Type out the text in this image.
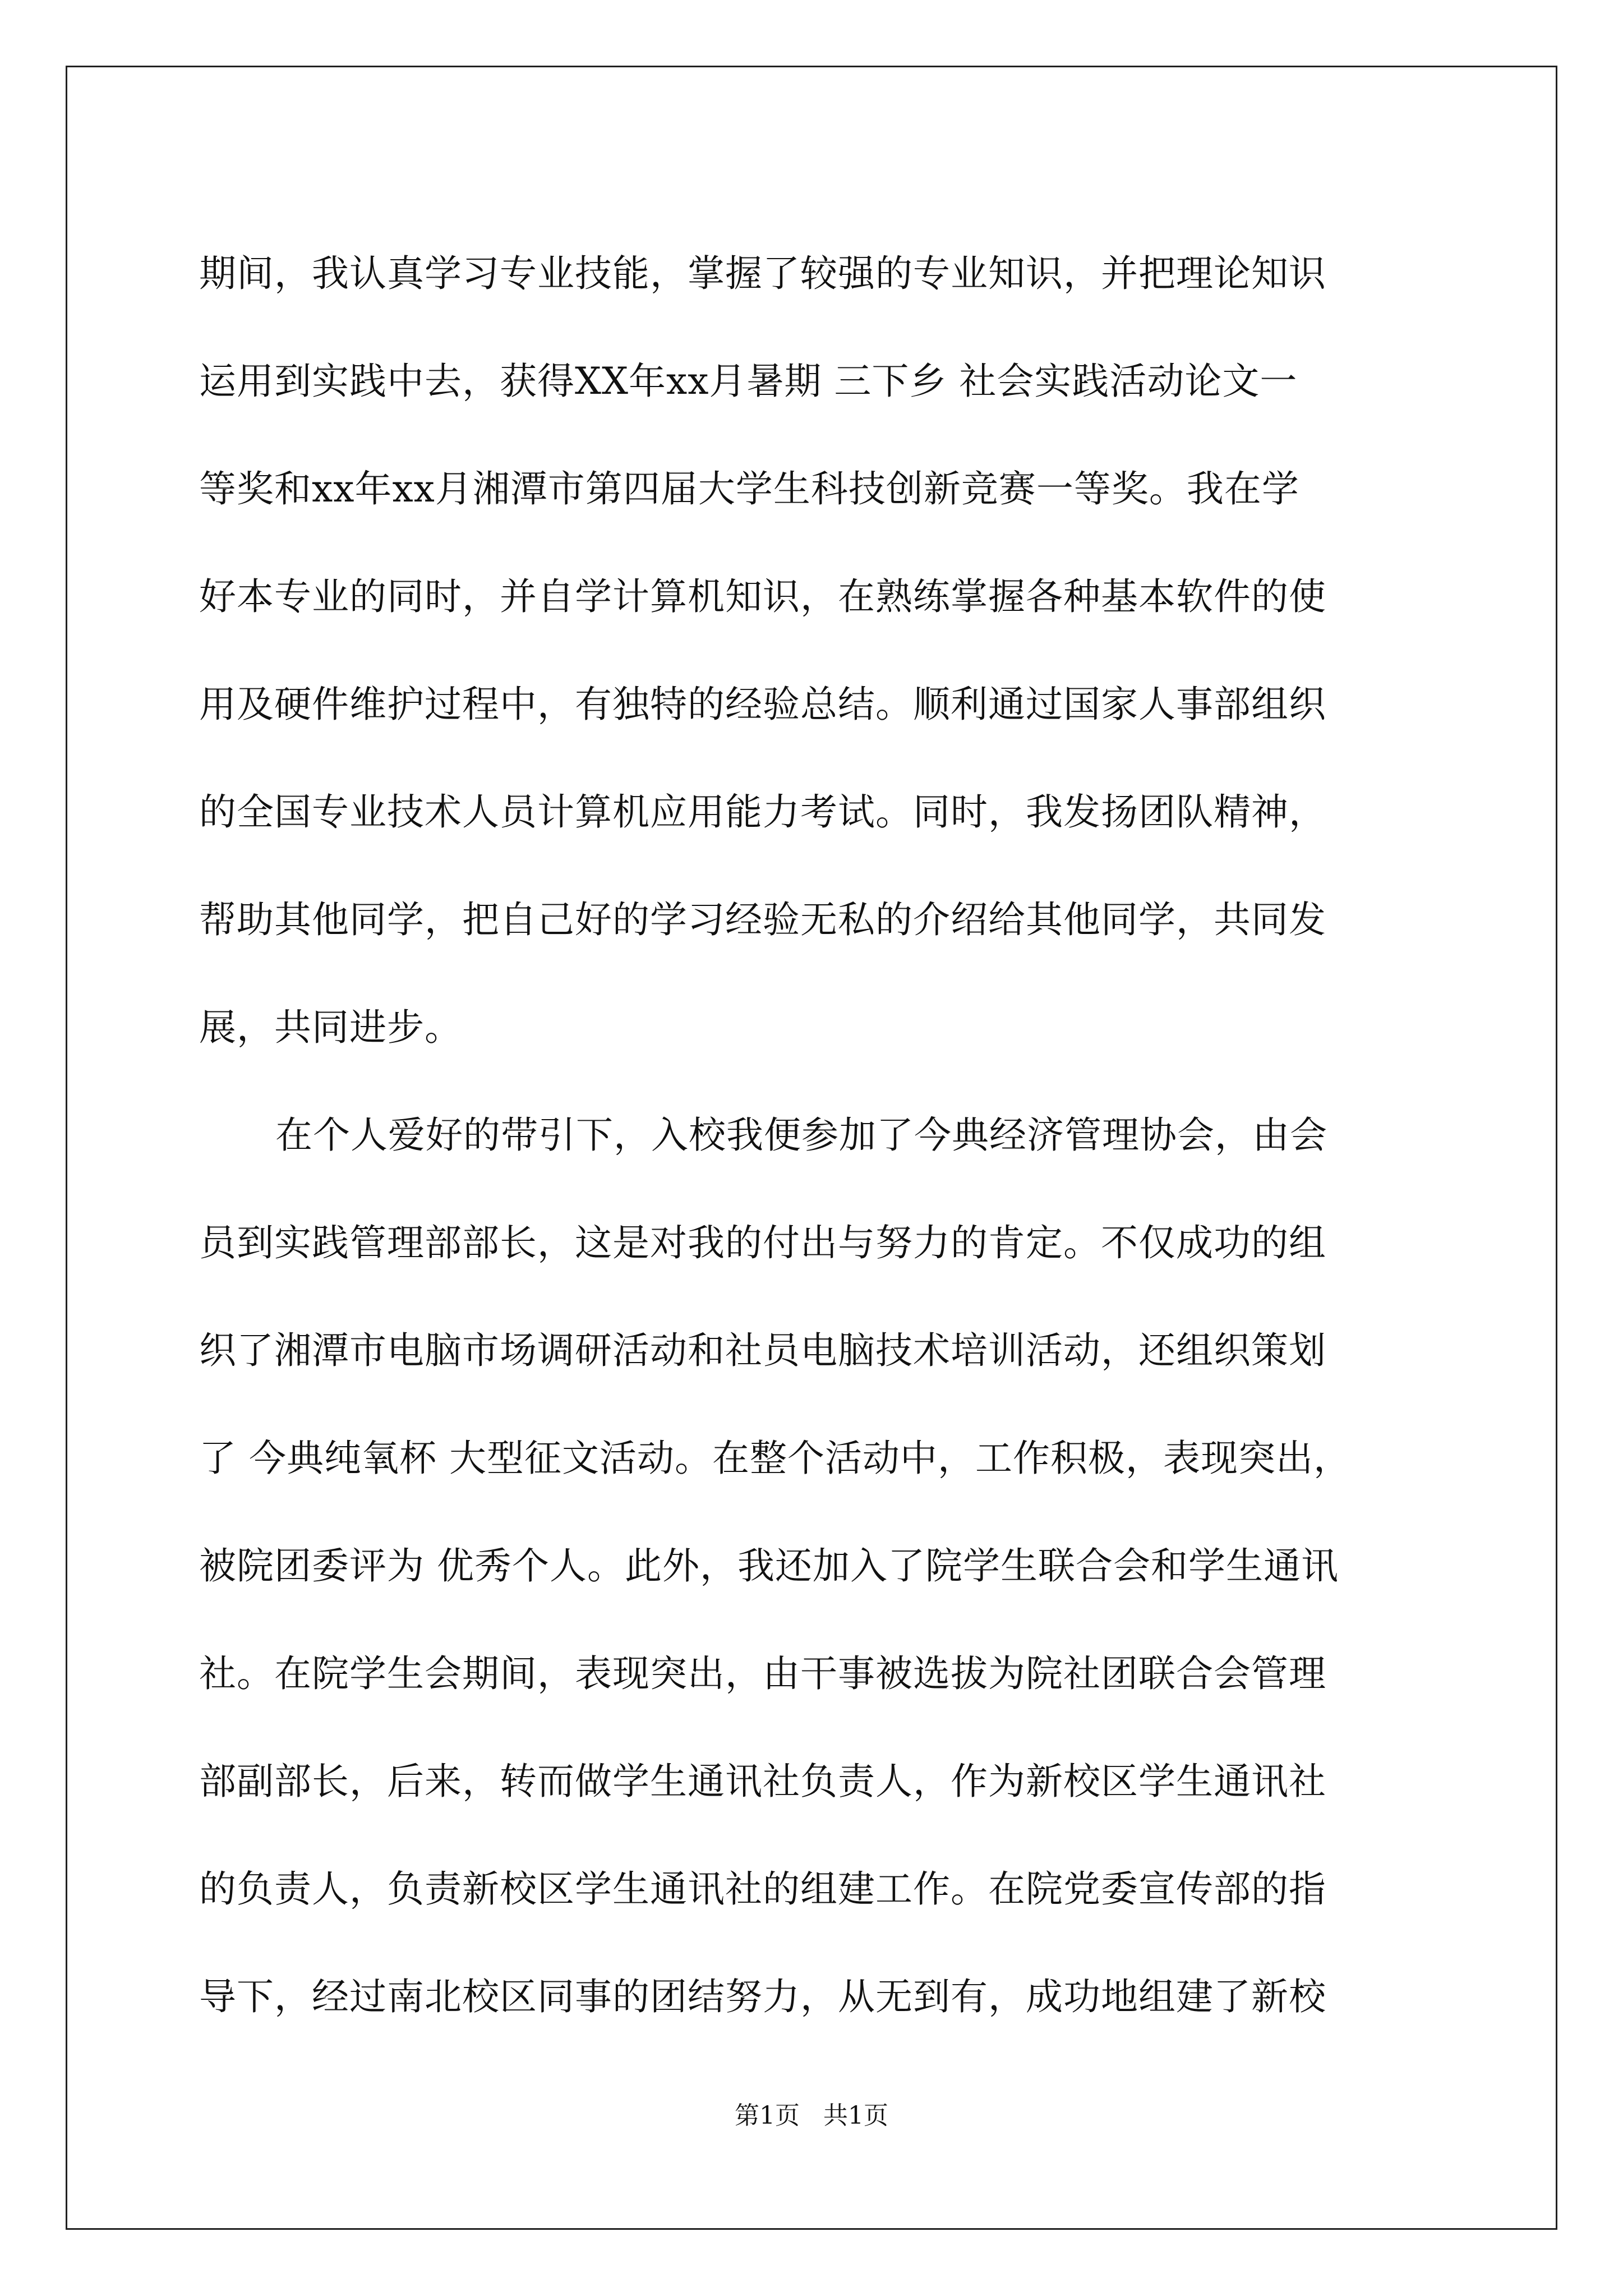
期间，我认真学习专业技能，掌握了较强的专业知识，并把理论知识
运用到实践中去，获得XX年xx月暑期 三下乡 社会实践活动论文一
等奖和xx年xx月湘潭市第四届大学生科技创新竞赛一等奖。我在学
好本专业的同时，并自学计算机知识，在熟练掌握各种基本软件的使
用及硬件维护过程中，有独特的经验总结。顺利通过国家人事部组织
的全国专业技术人员计算机应用能力考试。同时，我发扬团队精神，
帮助其他同学，把自己好的学习经验无私的介绍给其他同学，共同发
展，共同进步。
在个人爱好的带引下，入校我便参加了今典经济管理协会，由会
员到实践管理部部长，这是对我的付出与努力的肯定。不仅成功的组
织了湘潭市电脑市场调研活动和社员电脑技术培训活动，还组织策划
了 今典纯氧杯 大型征文活动。在整个活动中，工作积极，表现突出，
被院团委评为 优秀个人。此外，我还加入了院学生联合会和学生通讯
社。在院学生会期间，表现突出，由干事被选拔为院社团联合会管理
部副部长，后来，转而做学生通讯社负责人，作为新校区学生通讯社
的负责人，负责新校区学生通讯社的组建工作。在院党委宣传部的指
导下，经过南北校区同事的团结努力，从无到有，成功地组建了新校
第1页   共1页
